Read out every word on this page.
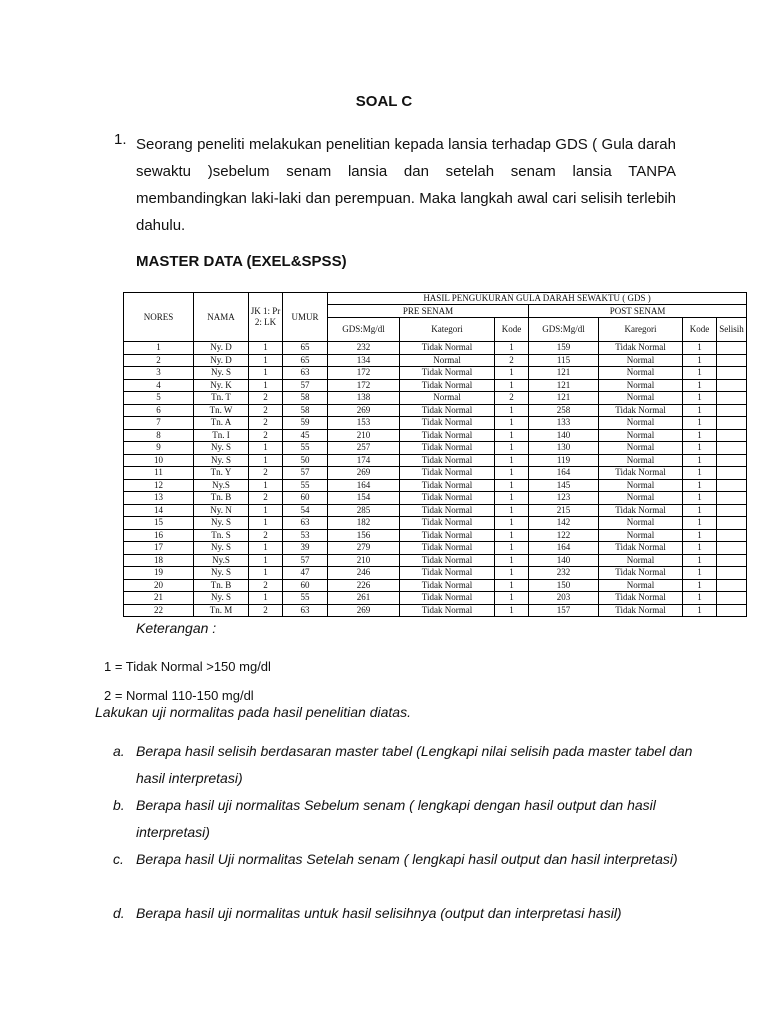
SOAL C
1. Seorang peneliti melakukan penelitian kepada lansia terhadap GDS ( Gula darah sewaktu )sebelum senam lansia dan setelah senam lansia TANPA membandingkan laki-laki dan perempuan. Maka langkah awal cari selisih terlebih dahulu.
MASTER DATA (EXEL&SPSS)
NORES	NAMA	JK 1: Pr 2: LK	UMUR	HASIL PENGUKURAN GULA DARAH SEWAKTU ( GDS )						
				PRE SENAM			POST SENAM			
				GDS:Mg/dl	Kategori	Kode	GDS:Mg/dl	Karegori	Kode	Selisih
1	Ny. D	1	65	232	Tidak Normal	1	159	Tidak Normal	1	
2	Ny. D	1	65	134	Normal	2	115	Normal	1	
3	Ny. S	1	63	172	Tidak Normal	1	121	Normal	1	
4	Ny. K	1	57	172	Tidak Normal	1	121	Normal	1	
5	Tn. T	2	58	138	Normal	2	121	Normal	1	
6	Tn. W	2	58	269	Tidak Normal	1	258	Tidak Normal	1	
7	Tn. A	2	59	153	Tidak Normal	1	133	Normal	1	
8	Tn. I	2	45	210	Tidak Normal	1	140	Normal	1	
9	Ny. S	1	55	257	Tidak Normal	1	130	Normal	1	
10	Ny. S	1	50	174	Tidak Normal	1	119	Normal	1	
11	Tn. Y	2	57	269	Tidak Normal	1	164	Tidak Normal	1	
12	Ny.S	1	55	164	Tidak Normal	1	145	Normal	1	
13	Tn. B	2	60	154	Tidak Normal	1	123	Normal	1	
14	Ny. N	1	54	285	Tidak Normal	1	215	Tidak Normal	1	
15	Ny. S	1	63	182	Tidak Normal	1	142	Normal	1	
16	Tn. S	2	53	156	Tidak Normal	1	122	Normal	1	
17	Ny. S	1	39	279	Tidak Normal	1	164	Tidak Normal	1	
18	Ny.S	1	57	210	Tidak Normal	1	140	Normal	1	
19	Ny. S	1	47	246	Tidak Normal	1	232	Tidak Normal	1	
20	Tn. B	2	60	226	Tidak Normal	1	150	Normal	1	
21	Ny. S	1	55	261	Tidak Normal	1	203	Tidak Normal	1	
22	Tn. M	2	63	269	Tidak Normal	1	157	Tidak Normal	1	
Keterangan :
1 = Tidak Normal >150 mg/dl
2 = Normal 110-150 mg/dl
Lakukan uji normalitas pada hasil penelitian diatas.
a. Berapa hasil selisih berdasaran master tabel (Lengkapi nilai selisih pada master tabel dan hasil interpretasi)
b. Berapa hasil uji normalitas Sebelum senam ( lengkapi dengan hasil output dan hasil interpretasi)
c. Berapa hasil Uji normalitas Setelah senam ( lengkapi hasil output dan hasil interpretasi)
d. Berapa hasil uji normalitas untuk hasil selisihnya (output dan interpretasi hasil)
